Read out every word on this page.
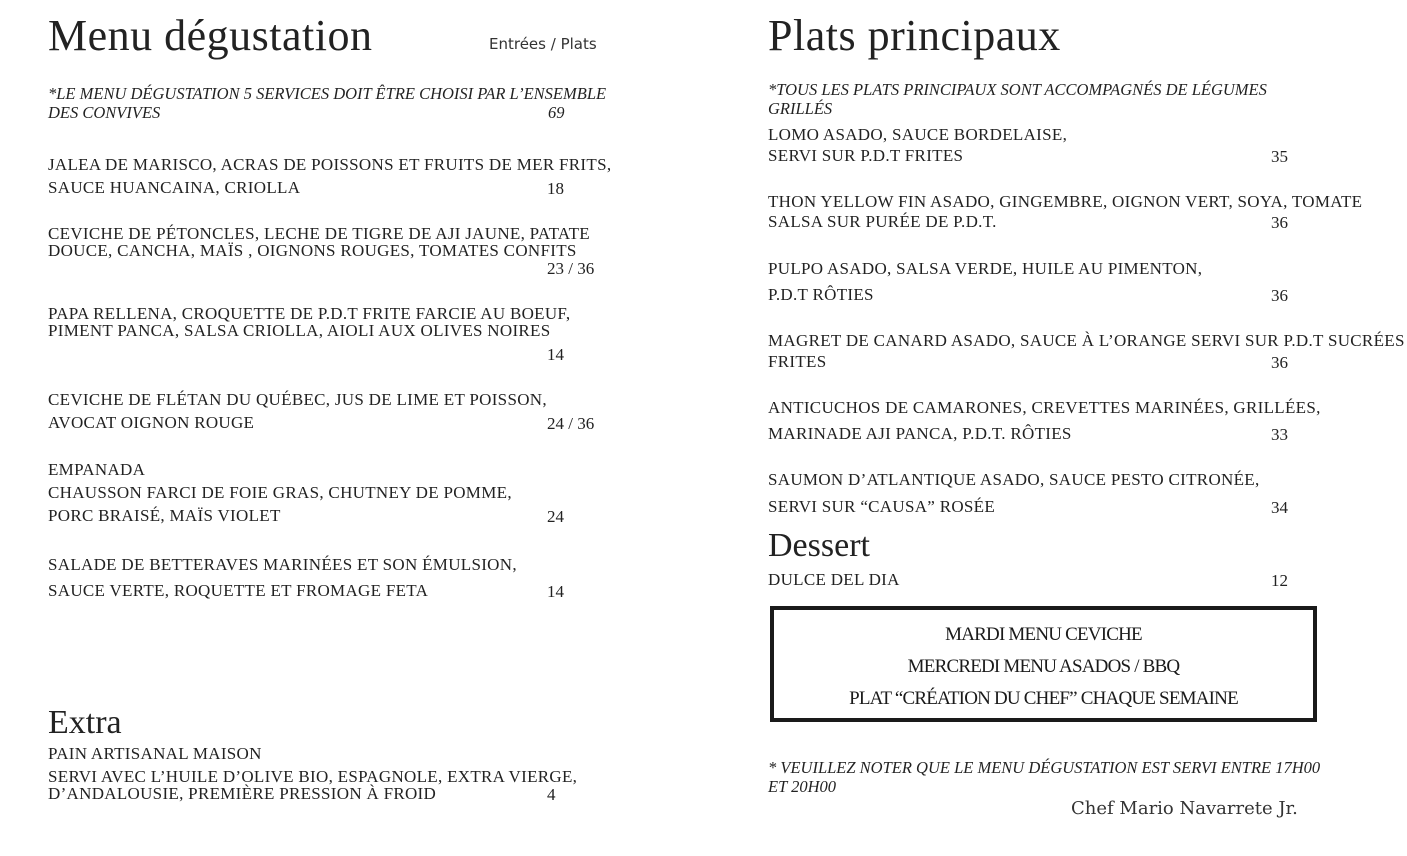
Menu dégustation	Entrées / Plats
*LE MENU DÉGUSTATION 5 SERVICES DOIT ÊTRE CHOISI PAR L’ENSEMBLE
DES CONVIVES	69
JALEA DE MARISCO, ACRAS DE POISSONS ET FRUITS DE MER FRITS,
SAUCE HUANCAINA, CRIOLLA	18
CEVICHE DE PÉTONCLES, LECHE DE TIGRE DE AJI JAUNE, PATATE
DOUCE, CANCHA, MAÏS , OIGNONS ROUGES, TOMATES CONFITS
23 / 36
PAPA RELLENA, CROQUETTE DE P.D.T FRITE FARCIE AU BOEUF,
PIMENT PANCA, SALSA CRIOLLA, AIOLI AUX OLIVES NOIRES
14
CEVICHE DE FLÉTAN DU QUÉBEC, JUS DE LIME ET POISSON,
AVOCAT OIGNON ROUGE	24 / 36
EMPANADA
CHAUSSON FARCI DE FOIE GRAS, CHUTNEY DE POMME,
PORC BRAISÉ, MAÏS VIOLET	24
SALADE DE BETTERAVES MARINÉES ET SON ÉMULSION,
SAUCE VERTE, ROQUETTE ET FROMAGE FETA	14
Extra
PAIN ARTISANAL MAISON
SERVI AVEC L’HUILE D’OLIVE BIO, ESPAGNOLE, EXTRA VIERGE,
D’ANDALOUSIE, PREMIÈRE PRESSION À FROID	4
Plats principaux
*TOUS LES PLATS PRINCIPAUX SONT ACCOMPAGNÉS DE LÉGUMES
GRILLÉS
LOMO ASADO, SAUCE BORDELAISE,
SERVI SUR P.D.T FRITES	35
THON YELLOW FIN ASADO, GINGEMBRE, OIGNON VERT, SOYA, TOMATE
SALSA SUR PURÉE DE P.D.T.	36
PULPO ASADO, SALSA VERDE, HUILE AU PIMENTON,
P.D.T RÔTIES	36
MAGRET DE CANARD ASADO, SAUCE À L’ORANGE SERVI SUR P.D.T SUCRÉES
FRITES	36
ANTICUCHOS DE CAMARONES, CREVETTES MARINÉES, GRILLÉES,
MARINADE AJI PANCA, P.D.T. RÔTIES	33
SAUMON D’ATLANTIQUE ASADO, SAUCE PESTO CITRONÉE,
SERVI SUR “CAUSA” ROSÉE	34
Dessert
DULCE DEL DIA	12
MARDI MENU CEVICHE
MERCREDI MENU ASADOS / BBQ
PLAT “CRÉATION DU CHEF” CHAQUE SEMAINE
* VEUILLEZ NOTER QUE LE MENU DÉGUSTATION EST SERVI ENTRE 17H00
ET 20H00
Chef Mario Navarrete Jr.
